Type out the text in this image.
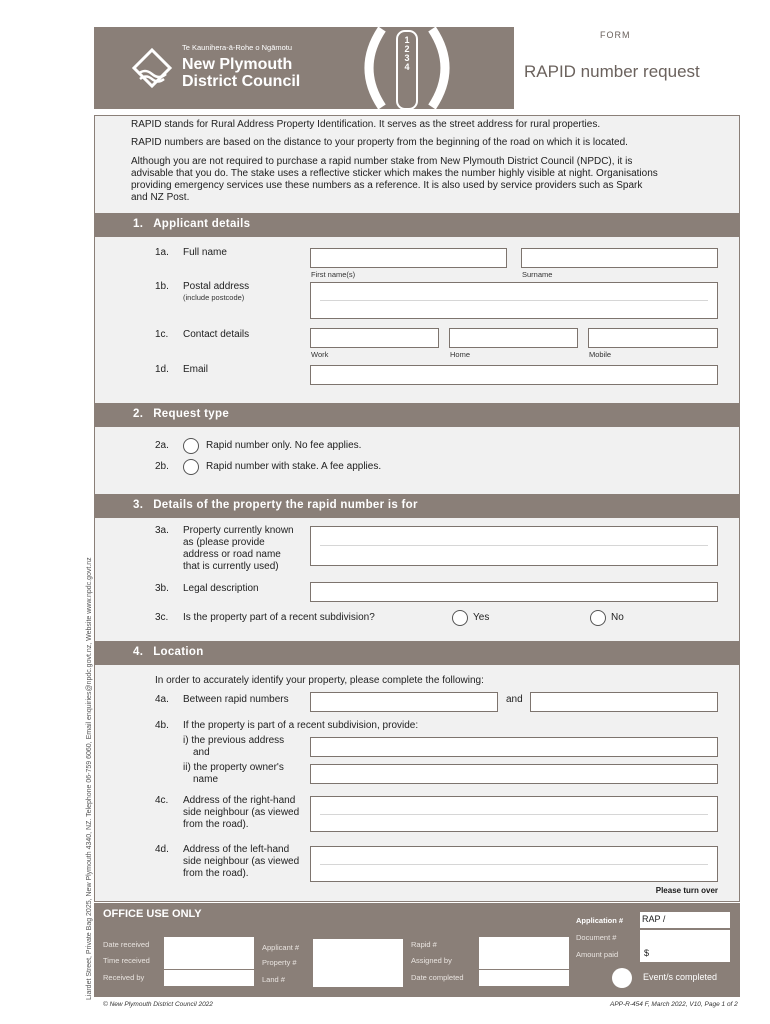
Te Kaunihera-ā-Rohe o Ngāmotu
New Plymouth
District Council
1
2
3
4
FORM
RAPID number request
RAPID stands for Rural Address Property Identification. It serves as the street address for rural properties.
RAPID numbers are based on the distance to your property from the beginning of the road on which it is located.
Although you are not required to purchase a rapid number stake from New Plymouth District Council (NPDC), it is
advisable that you do. The stake uses a reflective sticker which makes the number highly visible at night. Organisations
providing emergency services use these numbers as a reference. It is also used by service providers such as Spark
and NZ Post.
1. Applicant details
1a. Full name
First name(s)	Surname
1b. Postal address
(include postcode)
1c. Contact details
Work	Home	Mobile
1d. Email
2. Request type
2a.	Rapid number only. No fee applies.
2b.	Rapid number with stake. A fee applies.
3. Details of the property the rapid number is for
3a. Property currently known
as (please provide
address or road name
that is currently used)
3b. Legal description
3c. Is the property part of a recent subdivision?	Yes	No
4. Location
In order to accurately identify your property, please complete the following:
4a. Between rapid numbers	and
4b. If the property is part of a recent subdivision, provide:
i) the previous address
and
ii) the property owner's
name
4c. Address of the right-hand
side neighbour (as viewed
from the road).
4d. Address of the left-hand
side neighbour (as viewed
from the road).
Please turn over
OFFICE USE ONLY
Date received
Time received
Received by
Applicant #
Property #
Land #
Rapid #
Assigned by
Date completed
Application # RAP /
Document #
Amount paid	$
Event/s completed
© New Plymouth District Council 2022	APP-R-454 F, March 2022, V10, Page 1 of 2
Liardet Street, Private Bag 2025, New Plymouth 4340, NZ. Telephone 06-759 6060, Email enquiries@npdc.govt.nz, Website www.npdc.govt.nz
